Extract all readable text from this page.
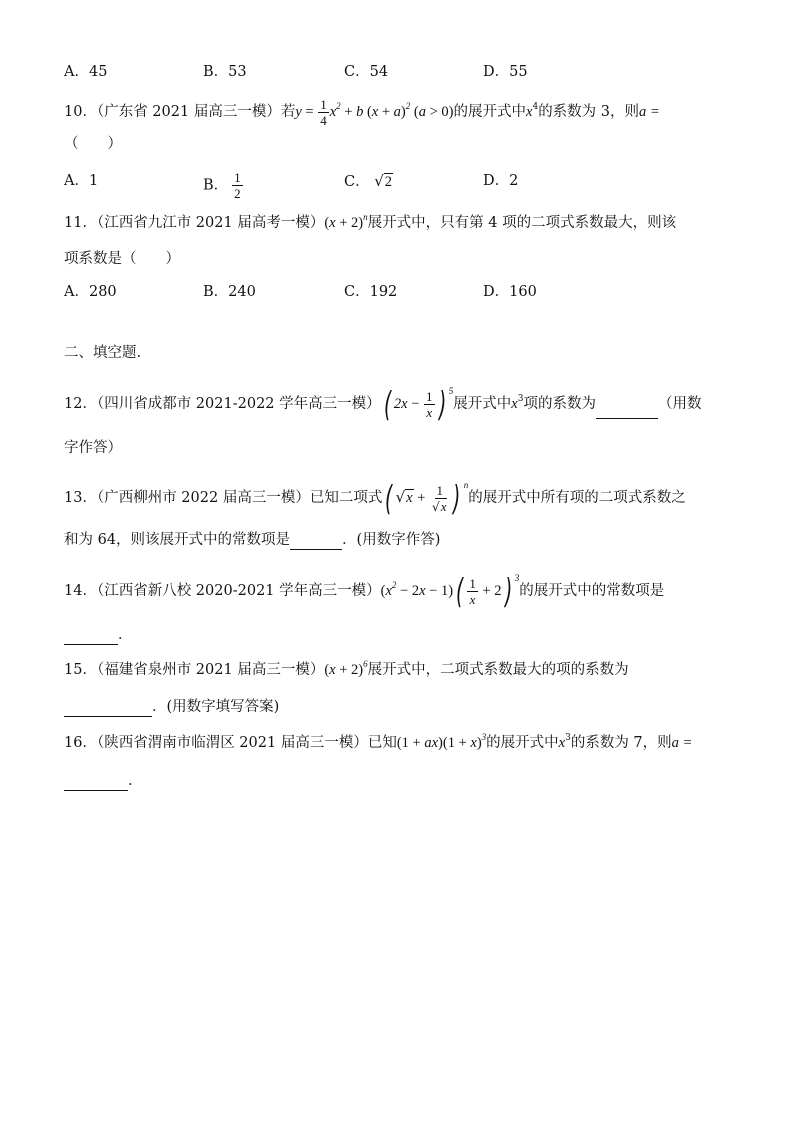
A．45	B．53	C．54	D．55
10．（广东省 2021 届高三一模）若$y = \frac{1}{4} x^2 + b$ $(x + a)^2$ (a > 0)的展开式中$x^4$的系数为 3，则a =
（　　）
A．1	B． $\frac{1}{2}$	C． √2	D．2
11．（江西省九江市 2021 届高考一模）$(x + 2)^n$展开式中，只有第 4 项的二项式系数最大，则该
项系数是（　　）
A．280	B．240	C．192	D．160
二、填空题.
12．（四川省成都市 2021-2022 学年高三一模）( $2x - \frac{1}{x}$ ) $^5$展开式中$x^3$项的系数为	（用数
字作答）
13．（广西柳州市 2022 届高三一模）已知二项式( $√x + \frac{1}{√x}$ ) $^n$的展开式中所有项的二项式系数之
和为 64，则该展开式中的常数项是	．(用数字作答)
14．（江西省新八校 2020-2021 学年高三一模）$(x^2 - 2x - 1)( \frac{1}{x} + 2)$ $^3$的展开式中的常数项是
．
15．（福建省泉州市 2021 届高三一模）$(x + 2)^6$展开式中，二项式系数最大的项的系数为
．(用数字填写答案)
16．（陕西省渭南市临渭区 2021 届高三一模）已知$(1 + ax)(1 + x)^3$的展开式中$x^3$的系数为 7，则a =
．
